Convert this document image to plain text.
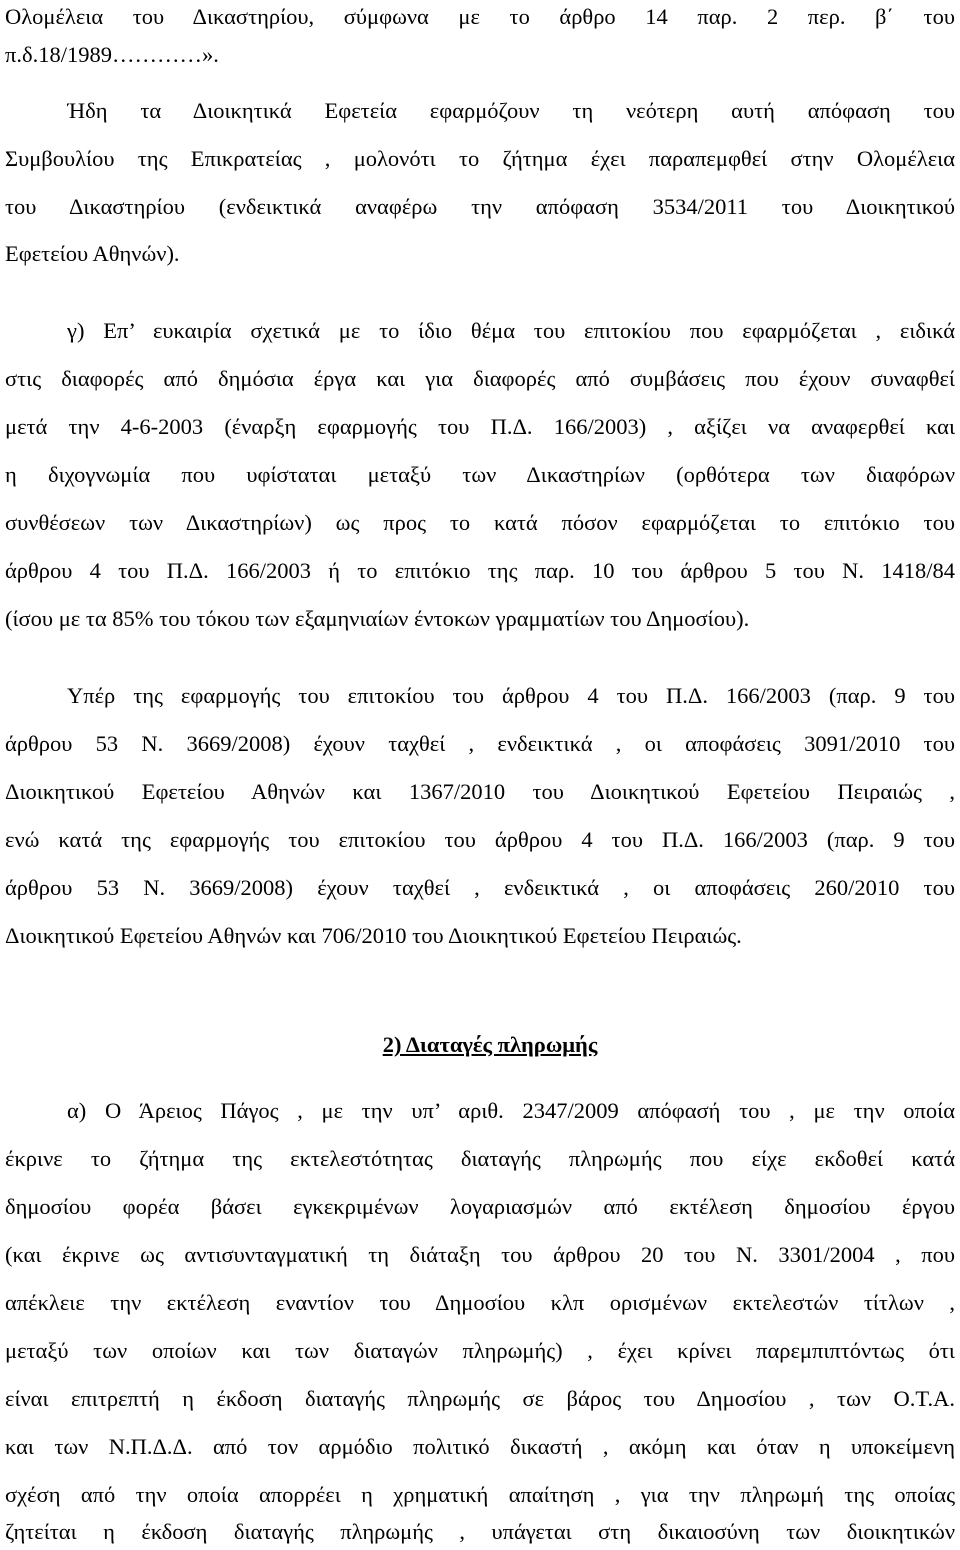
Ολομέλεια του Δικαστηρίου, σύμφωνα με το άρθρο 14 παρ. 2 περ. β΄ του
π.δ.18/1989…………».
Ήδη τα Διοικητικά Εφετεία εφαρμόζουν τη νεότερη αυτή απόφαση του
Συμβουλίου της Επικρατείας , μολονότι το ζήτημα έχει παραπεμφθεί στην Ολομέλεια
του Δικαστηρίου (ενδεικτικά αναφέρω την απόφαση 3534/2011 του Διοικητικού
Εφετείου Αθηνών).
γ) Επ’ ευκαιρία σχετικά με το ίδιο θέμα του επιτοκίου που εφαρμόζεται , ειδικά
στις διαφορές από δημόσια έργα και για διαφορές από συμβάσεις που έχουν συναφθεί
μετά την 4-6-2003 (έναρξη εφαρμογής του Π.Δ. 166/2003) , αξίζει να αναφερθεί και
η διχογνωμία που υφίσταται μεταξύ των Δικαστηρίων (ορθότερα των διαφόρων
συνθέσεων των Δικαστηρίων) ως προς το κατά πόσον εφαρμόζεται το επιτόκιο του
άρθρου 4 του Π.Δ. 166/2003 ή το επιτόκιο της παρ. 10 του άρθρου 5 του Ν. 1418/84
(ίσου με τα 85% του τόκου των εξαμηνιαίων έντοκων γραμματίων του Δημοσίου).
Υπέρ της εφαρμογής του επιτοκίου του άρθρου 4 του Π.Δ. 166/2003 (παρ. 9 του
άρθρου 53 Ν. 3669/2008) έχουν ταχθεί , ενδεικτικά , οι αποφάσεις 3091/2010 του
Διοικητικού Εφετείου Αθηνών και 1367/2010 του Διοικητικού Εφετείου Πειραιώς ,
ενώ κατά της εφαρμογής του επιτοκίου του άρθρου 4 του Π.Δ. 166/2003 (παρ. 9 του
άρθρου 53 Ν. 3669/2008) έχουν ταχθεί , ενδεικτικά , οι αποφάσεις 260/2010 του
Διοικητικού Εφετείου Αθηνών και 706/2010 του Διοικητικού Εφετείου Πειραιώς.
2) Διαταγές πληρωμής
α) Ο Άρειος Πάγος , με την υπ’ αριθ. 2347/2009 απόφασή του , με την οποία
έκρινε το ζήτημα της εκτελεστότητας διαταγής πληρωμής που είχε εκδοθεί κατά
δημοσίου φορέα βάσει εγκεκριμένων λογαριασμών από εκτέλεση δημοσίου έργου
(και έκρινε ως αντισυνταγματική τη διάταξη του άρθρου 20 του Ν. 3301/2004 , που
απέκλειε την εκτέλεση εναντίον του Δημοσίου κλπ ορισμένων εκτελεστών τίτλων ,
μεταξύ των οποίων και των διαταγών πληρωμής) , έχει κρίνει παρεμπιπτόντως ότι
είναι επιτρεπτή η έκδοση διαταγής πληρωμής σε βάρος του Δημοσίου , των Ο.Τ.Α.
και των Ν.Π.Δ.Δ. από τον αρμόδιο πολιτικό δικαστή , ακόμη και όταν η υποκείμενη
σχέση από την οποία απορρέει η χρηματική απαίτηση , για την πληρωμή της οποίας
ζητείται η έκδοση διαταγής πληρωμής , υπάγεται στη δικαιοσύνη των διοικητικών
